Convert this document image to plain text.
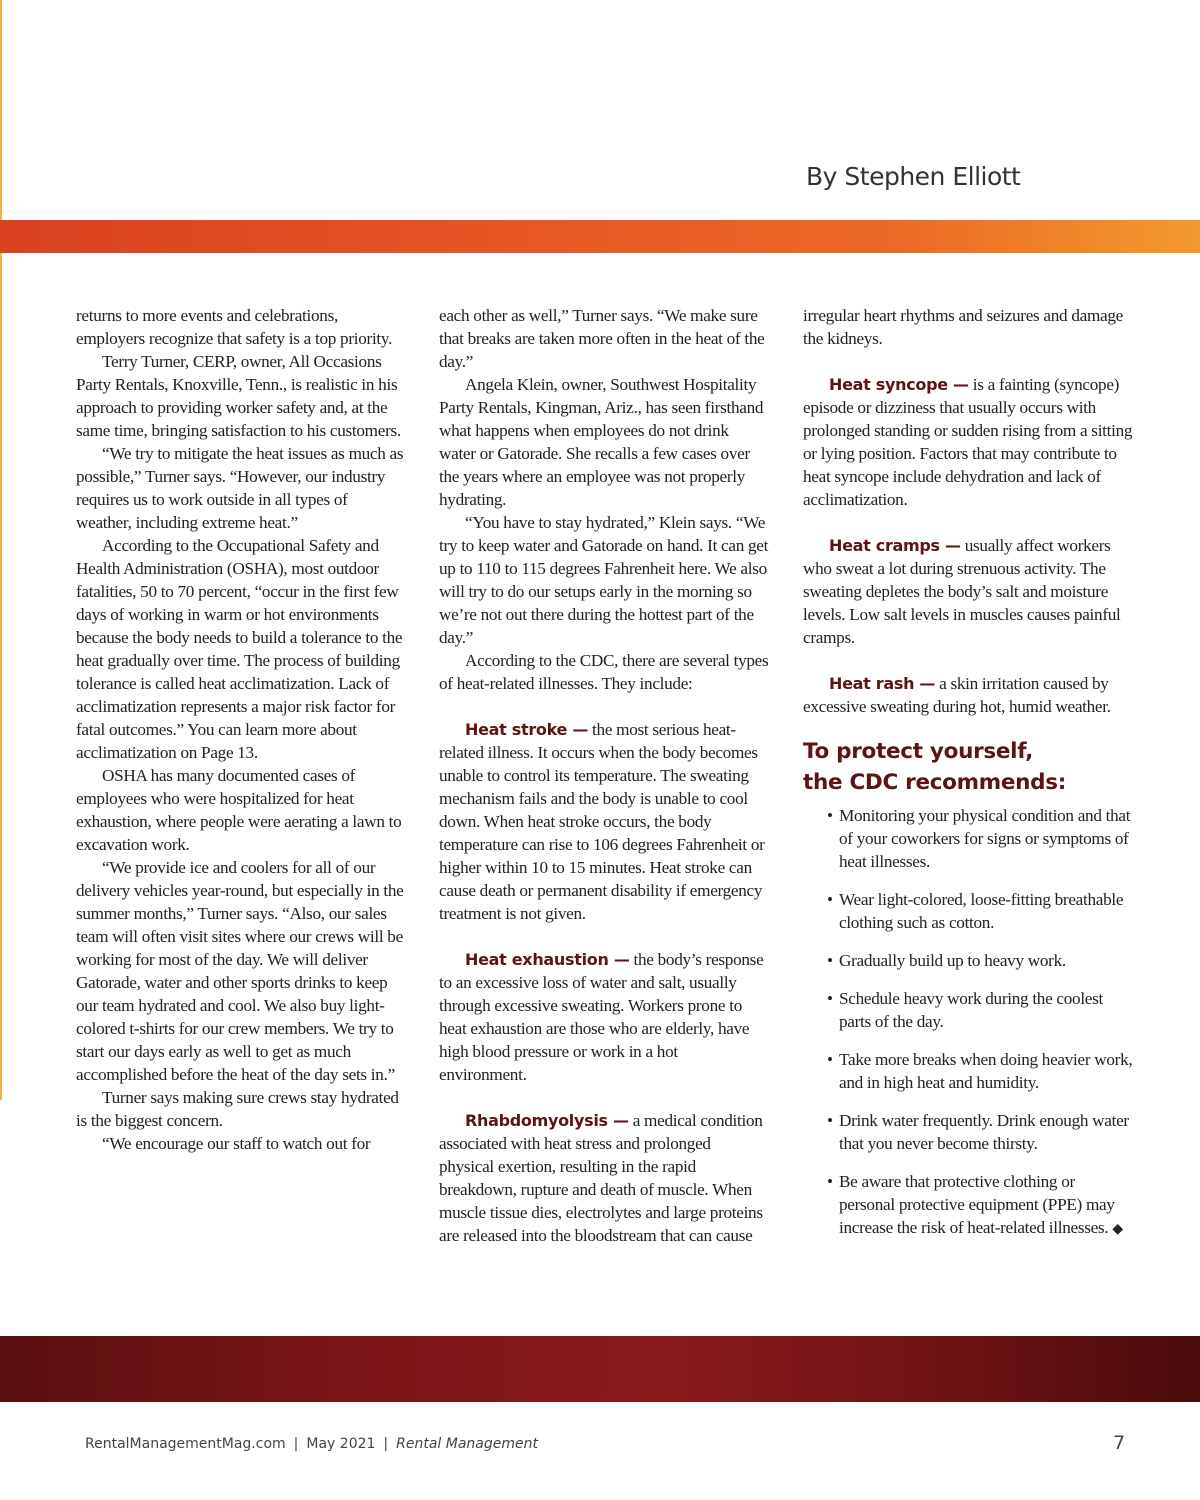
By Stephen Elliott

returns to more events and celebrations, employers recognize that safety is a top priority.

Terry Turner, CERP, owner, All Occasions Party Rentals, Knoxville, Tenn., is realistic in his approach to providing worker safety and, at the same time, bringing satisfaction to his customers.

“We try to mitigate the heat issues as much as possible,” Turner says. “However, our industry requires us to work outside in all types of weather, including extreme heat.”

According to the Occupational Safety and Health Administration (OSHA), most outdoor fatalities, 50 to 70 percent, “occur in the first few days of working in warm or hot environments because the body needs to build a tolerance to the heat gradually over time. The process of building tolerance is called heat acclimatization. Lack of acclimatization represents a major risk factor for fatal outcomes.” You can learn more about acclimatization on Page 13.

OSHA has many documented cases of employees who were hospitalized for heat exhaustion, where people were aerating a lawn to excavation work.

“We provide ice and coolers for all of our delivery vehicles year-round, but especially in the summer months,” Turner says. “Also, our sales team will often visit sites where our crews will be working for most of the day. We will deliver Gatorade, water and other sports drinks to keep our team hydrated and cool. We also buy light-colored t-shirts for our crew members. We try to start our days early as well to get as much accomplished before the heat of the day sets in.”

Turner says making sure crews stay hydrated is the biggest concern.

“We encourage our staff to watch out for

each other as well,” Turner says. “We make sure that breaks are taken more often in the heat of the day.”

Angela Klein, owner, Southwest Hospitality Party Rentals, Kingman, Ariz., has seen firsthand what happens when employees do not drink water or Gatorade. She recalls a few cases over the years where an employee was not properly hydrating.

“You have to stay hydrated,” Klein says. “We try to keep water and Gatorade on hand. It can get up to 110 to 115 degrees Fahrenheit here. We also will try to do our setups early in the morning so we’re not out there during the hottest part of the day.”

According to the CDC, there are several types of heat-related illnesses. They include:

Heat stroke — the most serious heat-related illness. It occurs when the body becomes unable to control its temperature. The sweating mechanism fails and the body is unable to cool down. When heat stroke occurs, the body temperature can rise to 106 degrees Fahrenheit or higher within 10 to 15 minutes. Heat stroke can cause death or permanent disability if emergency treatment is not given.

Heat exhaustion — the body’s response to an excessive loss of water and salt, usually through excessive sweating. Workers prone to heat exhaustion are those who are elderly, have high blood pressure or work in a hot environment.

Rhabdomyolysis — a medical condition associated with heat stress and prolonged physical exertion, resulting in the rapid breakdown, rupture and death of muscle. When muscle tissue dies, electrolytes and large proteins are released into the bloodstream that can cause

irregular heart rhythms and seizures and damage the kidneys.

Heat syncope — is a fainting (syncope) episode or dizziness that usually occurs with prolonged standing or sudden rising from a sitting or lying position. Factors that may contribute to heat syncope include dehydration and lack of acclimatization.

Heat cramps — usually affect workers who sweat a lot during strenuous activity. The sweating depletes the body’s salt and moisture levels. Low salt levels in muscles causes painful cramps.

Heat rash — a skin irritation caused by excessive sweating during hot, humid weather.

To protect yourself,
the CDC recommends:
• Monitoring your physical condition and that of your coworkers for signs or symptoms of heat illnesses.
• Wear light-colored, loose-fitting breathable clothing such as cotton.
• Gradually build up to heavy work.
• Schedule heavy work during the coolest parts of the day.
• Take more breaks when doing heavier work, and in high heat and humidity.
• Drink water frequently. Drink enough water that you never become thirsty.
• Be aware that protective clothing or personal protective equipment (PPE) may increase the risk of heat-related illnesses. ◆
RentalManagementMag.com | May 2021 | Rental Management	7
